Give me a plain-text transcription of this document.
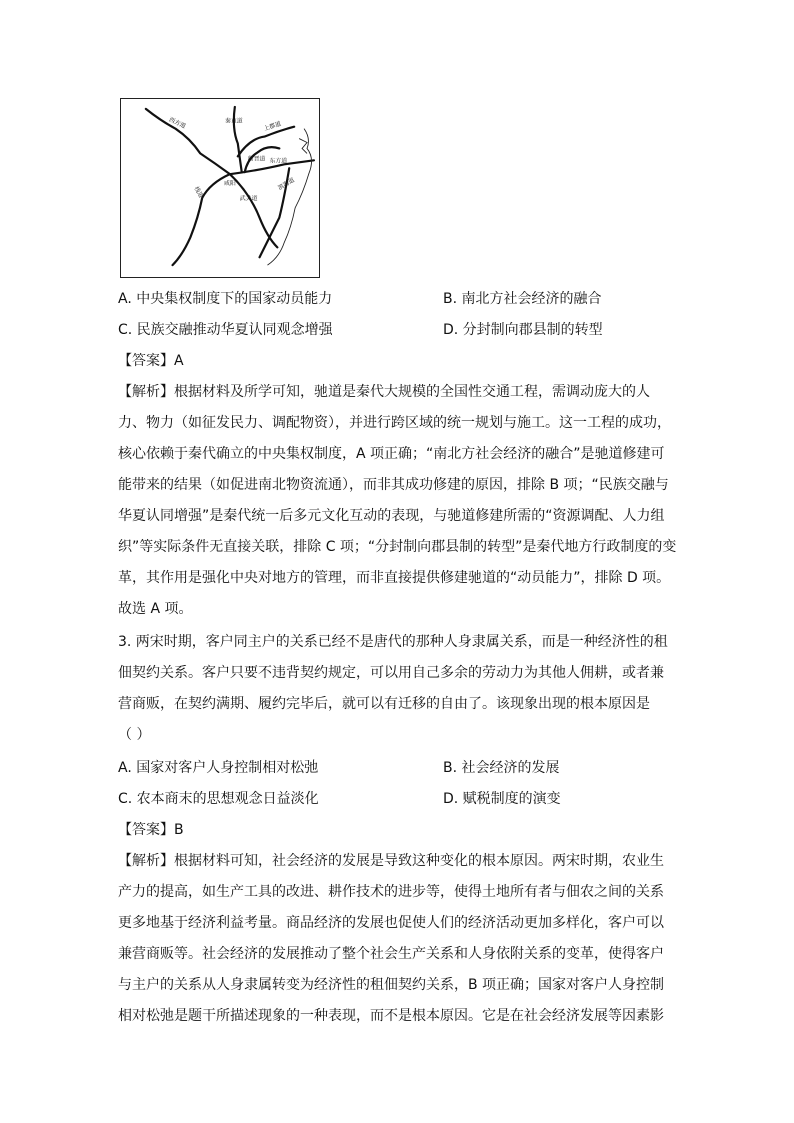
西方道	秦直道	上郡道
临晋道 东方道
咸阳
栈道	武关道
滨海道
A. 中央集权制度下的国家动员能力	B. 南北方社会经济的融合
C. 民族交融推动华夏认同观念增强	D. 分封制向郡县制的转型
【答案】A

【解析】根据材料及所学可知，驰道是秦代大规模的全国性交通工程，需调动庞大的人

力、物力（如征发民力、调配物资），并进行跨区域的统一规划与施工。这一工程的成功，

核心依赖于秦代确立的中央集权制度，A 项正确；“南北方社会经济的融合”是驰道修建可

能带来的结果（如促进南北物资流通），而非其成功修建的原因，排除 B 项；“民族交融与

华夏认同增强”是秦代统一后多元文化互动的表现，与驰道修建所需的“资源调配、人力组

织”等实际条件无直接关联，排除 C 项；“分封制向郡县制的转型”是秦代地方行政制度的变

革，其作用是强化中央对地方的管理，而非直接提供修建驰道的“动员能力”，排除 D 项。

故选 A 项。

3. 两宋时期，客户同主户的关系已经不是唐代的那种人身隶属关系，而是一种经济性的租

佃契约关系。客户只要不违背契约规定，可以用自己多余的劳动力为其他人佣耕，或者兼

营商贩，在契约满期、履约完毕后，就可以有迁移的自由了。该现象出现的根本原因是

（ ）

A. 国家对客户人身控制相对松弛	B. 社会经济的发展
C. 农本商末的思想观念日益淡化	D. 赋税制度的演变
【答案】B

【解析】根据材料可知，社会经济的发展是导致这种变化的根本原因。两宋时期，农业生

产力的提高，如生产工具的改进、耕作技术的进步等，使得土地所有者与佃农之间的关系

更多地基于经济利益考量。商品经济的发展也促使人们的经济活动更加多样化，客户可以

兼营商贩等。社会经济的发展推动了整个社会生产关系和人身依附关系的变革，使得客户

与主户的关系从人身隶属转变为经济性的租佃契约关系，B 项正确；国家对客户人身控制

相对松弛是题干所描述现象的一种表现，而不是根本原因。它是在社会经济发展等因素影
